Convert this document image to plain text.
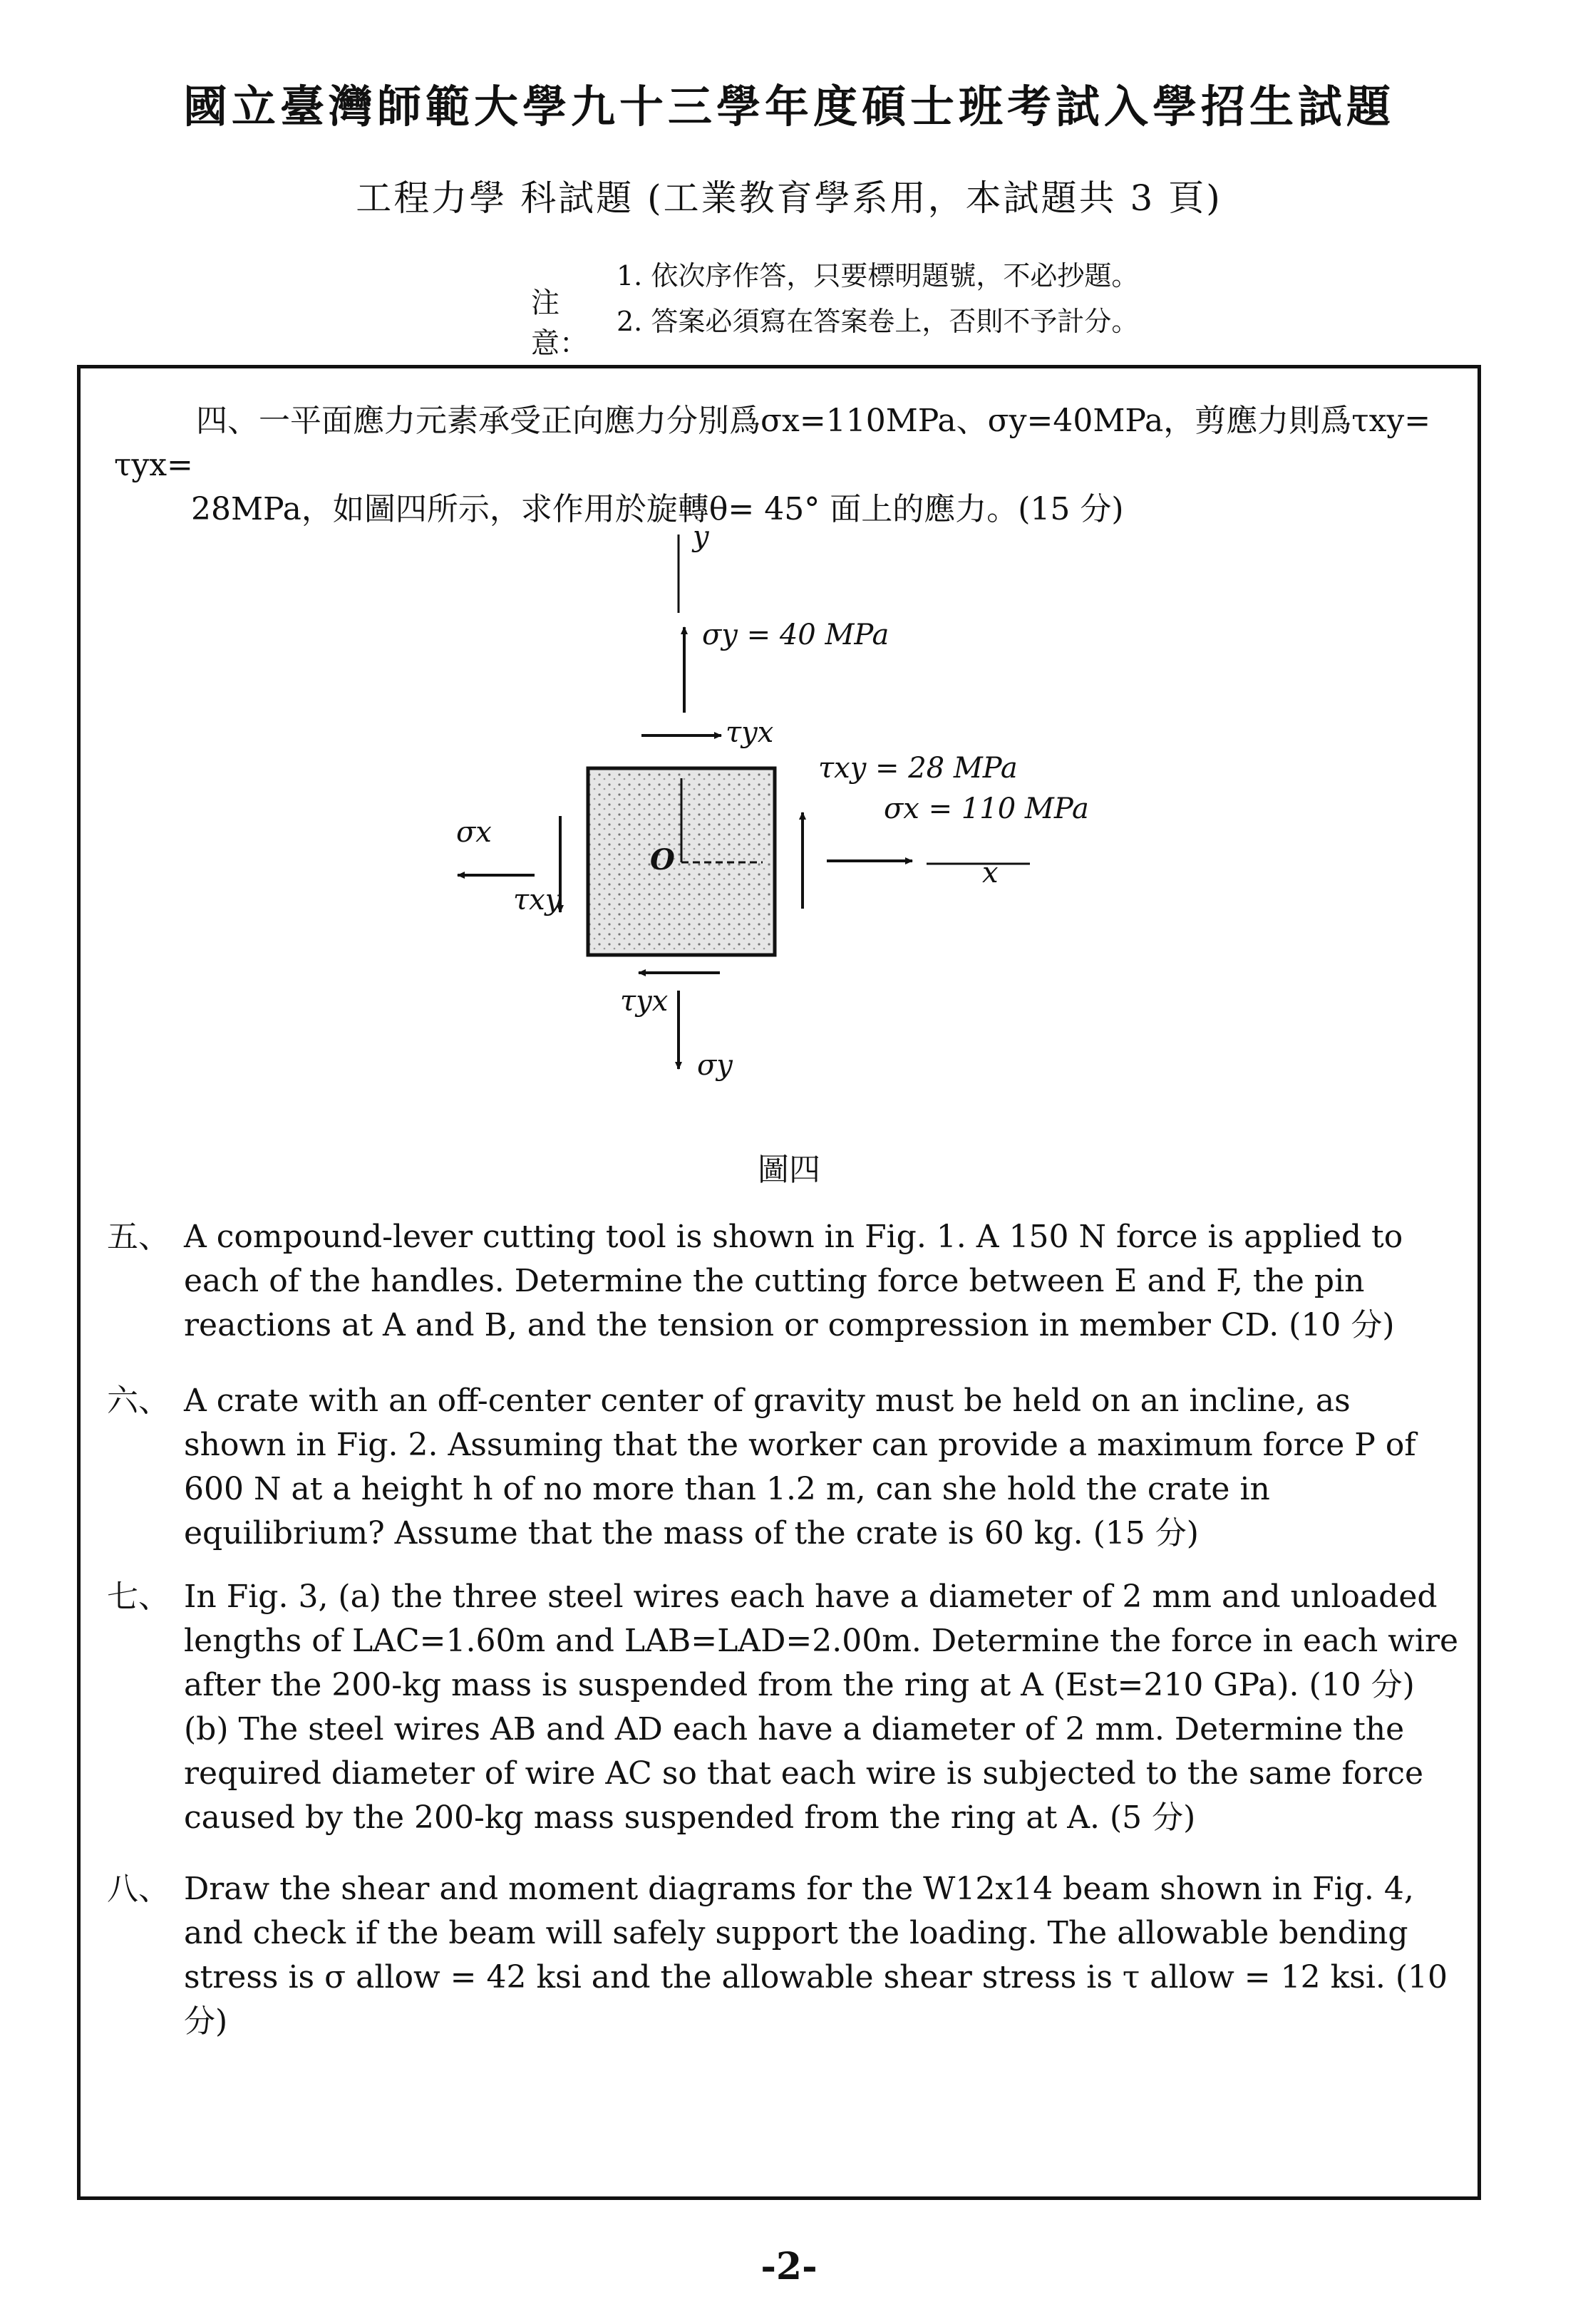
國立臺灣師範大學九十三學年度碩士班考試入學招生試題
工程力學 科試題 (工業教育學系用，本試題共 3 頁)
注意：
1. 依次序作答，只要標明題號，不必抄題。
2. 答案必須寫在答案卷上，否則不予計分。
四、一平面應力元素承受正向應力分別爲σx=110MPa、σy=40MPa，剪應力則爲τxy= τyx=
28MPa，如圖四所示，求作用於旋轉θ= 45° 面上的應力。(15 分)
y
σy = 40 MPa
τyx
τxy = 28 MPa
σx = 110 MPa
x
σx
τxy
O
τyx
σy
圖四
五、 A compound-lever cutting tool is shown in Fig. 1. A 150 N force is applied to each of the handles. Determine the cutting force between E and F, the pin reactions at A and B, and the tension or compression in member CD. (10 分)
六、 A crate with an off-center center of gravity must be held on an incline, as shown in Fig. 2. Assuming that the worker can provide a maximum force P of 600 N at a height h of no more than 1.2 m, can she hold the crate in equilibrium? Assume that the mass of the crate is 60 kg. (15 分)
七、 In Fig. 3, (a) the three steel wires each have a diameter of 2 mm and unloaded lengths of LAC=1.60m and LAB=LAD=2.00m. Determine the force in each wire after the 200-kg mass is suspended from the ring at A (Est=210 GPa). (10 分) (b) The steel wires AB and AD each have a diameter of 2 mm. Determine the required diameter of wire AC so that each wire is subjected to the same force caused by the 200-kg mass suspended from the ring at A. (5 分)
八、 Draw the shear and moment diagrams for the W12x14 beam shown in Fig. 4, and check if the beam will safely support the loading. The allowable bending stress is σ allow = 42 ksi and the allowable shear stress is τ allow = 12 ksi. (10 分)
-2-
